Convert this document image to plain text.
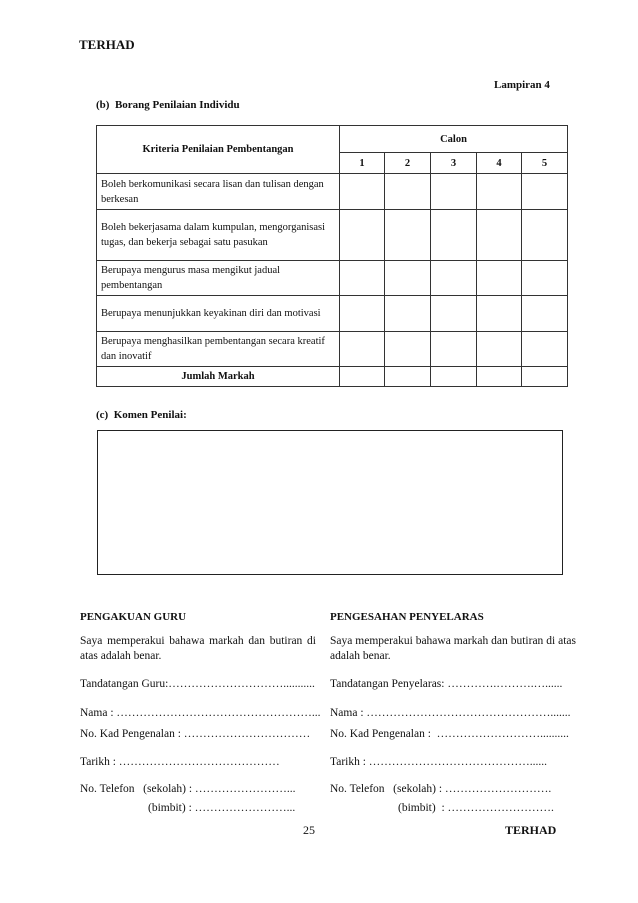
TERHAD
Lampiran 4
(b)  Borang Penilaian Individu
Kriteria Penilaian Pembentangan	Calon				
	1	2	3	4	5
Boleh berkomunikasi secara lisan dan tulisan dengan berkesan					
Boleh bekerjasama dalam kumpulan, mengorganisasi tugas, dan bekerja sebagai satu pasukan					
Berupaya mengurus masa mengikut jadual pembentangan					
Berupaya menunjukkan keyakinan diri dan motivasi					
Berupaya menghasilkan pembentangan secara kreatif dan inovatif					
Jumlah Markah					
(c)  Komen Penilai:
PENGAKUAN GURU
Saya memperakui bahawa markah dan butiran di atas adalah benar.
Tandatangan Guru:…………………………...........
Nama : ……………………………………………...
No. Kad Pengenalan : ……………………………
Tarikh : ……………………………………
No. Telefon   (sekolah) : ……………………...
(bimbit) : ……………………...
PENGESAHAN PENYELARAS
Saya memperakui bahawa markah dan butiran di atas adalah benar.
Tandatangan Penyelaras: ………….……….…......
Nama : ………………………………………….......
No. Kad Pengenalan :  ………………………..........
Tarikh : ……………………………………......
No. Telefon   (sekolah) : ……………………….
(bimbit)  : ……………………….
25	TERHAD
